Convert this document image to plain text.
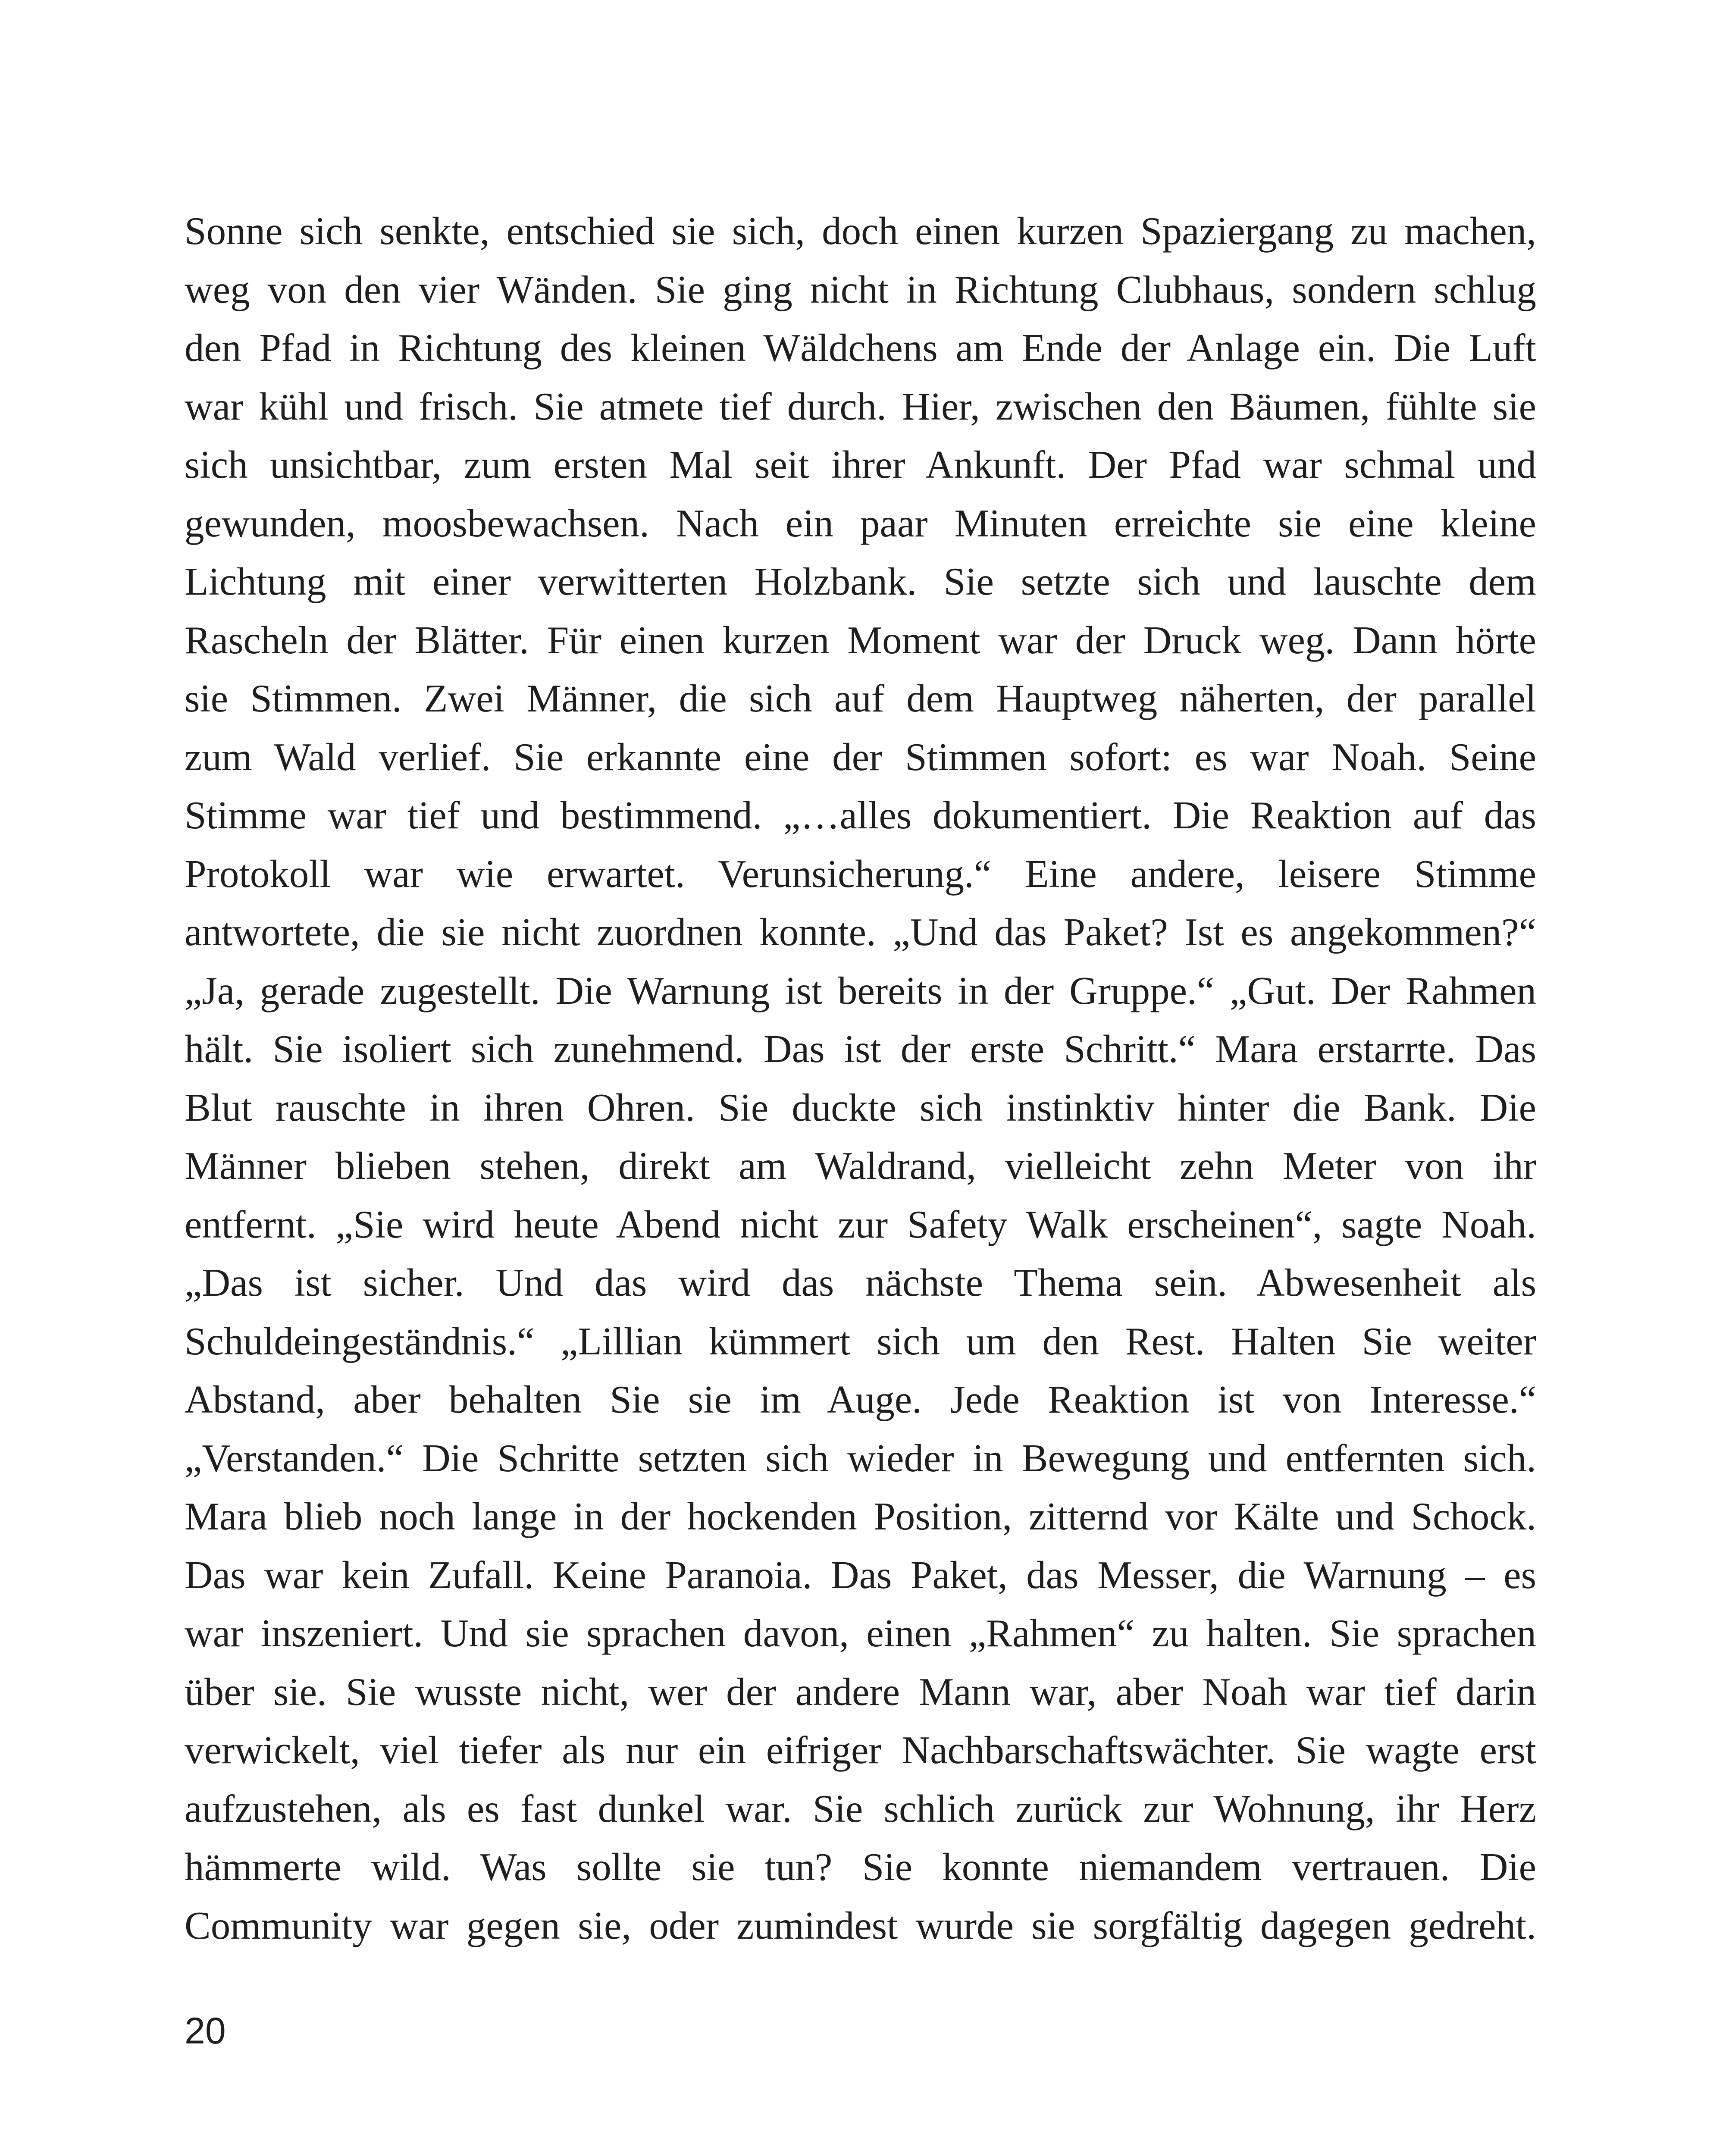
Sonne sich senkte, entschied sie sich, doch einen kurzen Spaziergang zu machen,
weg von den vier Wänden. Sie ging nicht in Richtung Clubhaus, sondern schlug
den Pfad in Richtung des kleinen Wäldchens am Ende der Anlage ein. Die Luft
war kühl und frisch. Sie atmete tief durch. Hier, zwischen den Bäumen, fühlte sie
sich unsichtbar, zum ersten Mal seit ihrer Ankunft. Der Pfad war schmal und
gewunden, moosbewachsen. Nach ein paar Minuten erreichte sie eine kleine
Lichtung mit einer verwitterten Holzbank. Sie setzte sich und lauschte dem
Rascheln der Blätter. Für einen kurzen Moment war der Druck weg. Dann hörte
sie Stimmen. Zwei Männer, die sich auf dem Hauptweg näherten, der parallel
zum Wald verlief. Sie erkannte eine der Stimmen sofort: es war Noah. Seine
Stimme war tief und bestimmend. „…alles dokumentiert. Die Reaktion auf das
Protokoll war wie erwartet. Verunsicherung.“ Eine andere, leisere Stimme
antwortete, die sie nicht zuordnen konnte. „Und das Paket? Ist es angekommen?“
„Ja, gerade zugestellt. Die Warnung ist bereits in der Gruppe.“ „Gut. Der Rahmen
hält. Sie isoliert sich zunehmend. Das ist der erste Schritt.“ Mara erstarrte. Das
Blut rauschte in ihren Ohren. Sie duckte sich instinktiv hinter die Bank. Die
Männer blieben stehen, direkt am Waldrand, vielleicht zehn Meter von ihr
entfernt. „Sie wird heute Abend nicht zur Safety Walk erscheinen“, sagte Noah.
„Das ist sicher. Und das wird das nächste Thema sein. Abwesenheit als
Schuldeingeständnis.“ „Lillian kümmert sich um den Rest. Halten Sie weiter
Abstand, aber behalten Sie sie im Auge. Jede Reaktion ist von Interesse.“
„Verstanden.“ Die Schritte setzten sich wieder in Bewegung und entfernten sich.
Mara blieb noch lange in der hockenden Position, zitternd vor Kälte und Schock.
Das war kein Zufall. Keine Paranoia. Das Paket, das Messer, die Warnung – es
war inszeniert. Und sie sprachen davon, einen „Rahmen“ zu halten. Sie sprachen
über sie. Sie wusste nicht, wer der andere Mann war, aber Noah war tief darin
verwickelt, viel tiefer als nur ein eifriger Nachbarschaftswächter. Sie wagte erst
aufzustehen, als es fast dunkel war. Sie schlich zurück zur Wohnung, ihr Herz
hämmerte wild. Was sollte sie tun? Sie konnte niemandem vertrauen. Die
Community war gegen sie, oder zumindest wurde sie sorgfältig dagegen gedreht.

20
